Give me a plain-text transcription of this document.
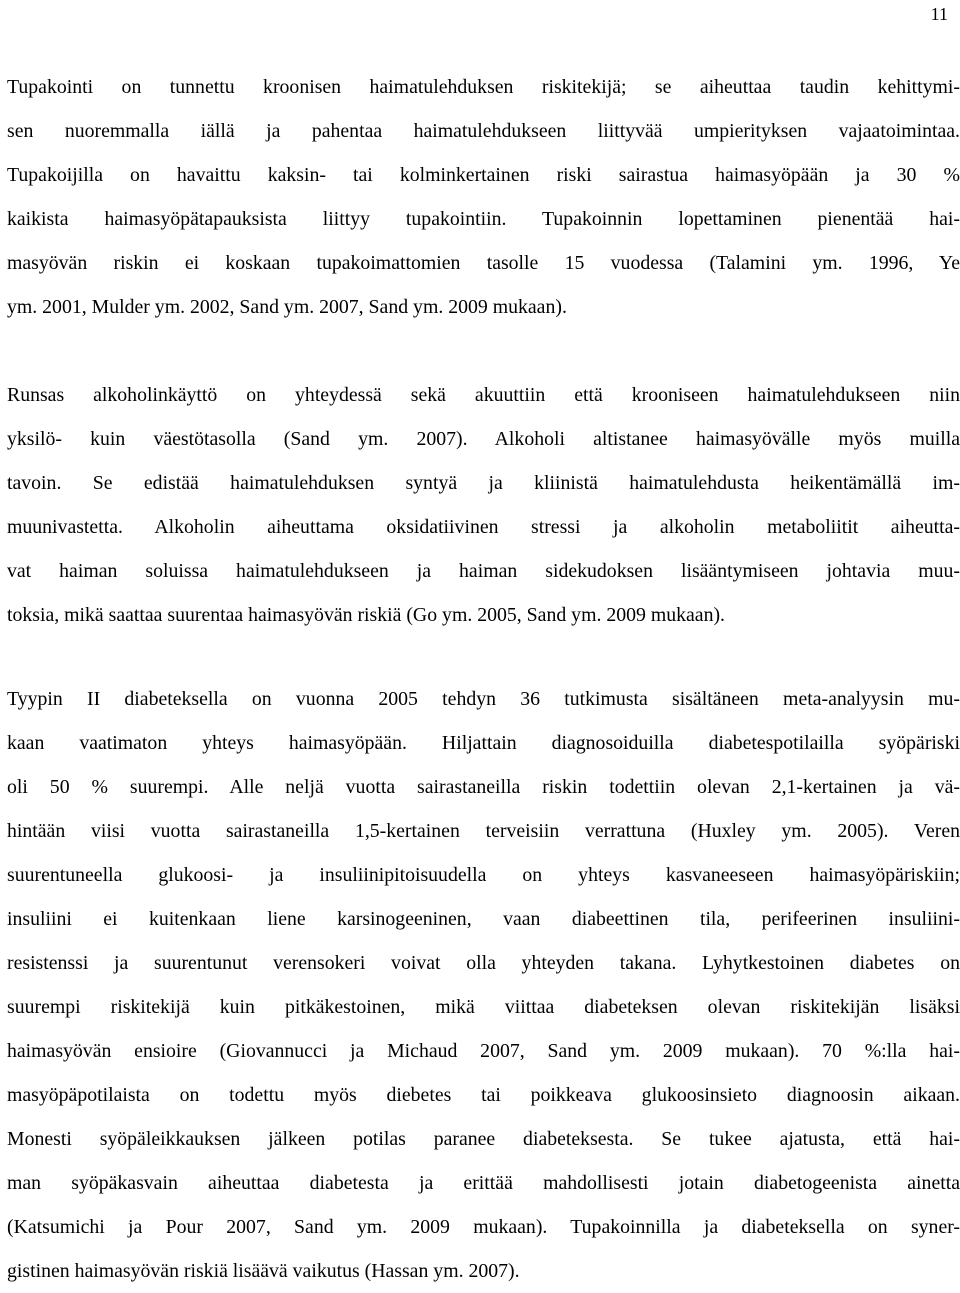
11
Tupakointi on tunnettu kroonisen haimatulehduksen riskitekijä; se aiheuttaa taudin kehittymi-
sen nuoremmalla iällä ja pahentaa haimatulehdukseen liittyvää umpierityksen vajaatoimintaa.
Tupakoijilla on havaittu kaksin- tai kolminkertainen riski sairastua haimasyöpään ja 30 %
kaikista haimasyöpätapauksista liittyy tupakointiin. Tupakoinnin lopettaminen pienentää hai-
masyövän riskin ei koskaan tupakoimattomien tasolle 15 vuodessa (Talamini ym. 1996, Ye
ym. 2001, Mulder ym. 2002, Sand ym. 2007, Sand ym. 2009 mukaan).
Runsas alkoholinkäyttö on yhteydessä sekä akuuttiin että krooniseen haimatulehdukseen niin
yksilö- kuin väestötasolla (Sand ym. 2007). Alkoholi altistanee haimasyövälle myös muilla
tavoin. Se edistää haimatulehduksen syntyä ja kliinistä haimatulehdusta heikentämällä im-
muunivastetta. Alkoholin aiheuttama oksidatiivinen stressi ja alkoholin metaboliitit aiheutta-
vat haiman soluissa haimatulehdukseen ja haiman sidekudoksen lisääntymiseen johtavia muu-
toksia, mikä saattaa suurentaa haimasyövän riskiä (Go ym. 2005, Sand ym. 2009 mukaan).
Tyypin II diabeteksella on vuonna 2005 tehdyn 36 tutkimusta sisältäneen meta-analyysin mu-
kaan vaatimaton yhteys haimasyöpään. Hiljattain diagnosoiduilla diabetespotilailla syöpäriski
oli 50 % suurempi. Alle neljä vuotta sairastaneilla riskin todettiin olevan 2,1-kertainen ja vä-
hintään viisi vuotta sairastaneilla 1,5-kertainen terveisiin verrattuna (Huxley ym. 2005). Veren
suurentuneella glukoosi- ja insuliinipitoisuudella on yhteys kasvaneeseen haimasyöpäriskiin;
insuliini ei kuitenkaan liene karsinogeeninen, vaan diabeettinen tila, perifeerinen insuliini-
resistenssi ja suurentunut verensokeri voivat olla yhteyden takana. Lyhytkestoinen diabetes on
suurempi riskitekijä kuin pitkäkestoinen, mikä viittaa diabeteksen olevan riskitekijän lisäksi
haimasyövän ensioire (Giovannucci ja Michaud 2007, Sand ym. 2009 mukaan). 70 %:lla hai-
masyöpäpotilaista on todettu myös diebetes tai poikkeava glukoosinsieto diagnoosin aikaan.
Monesti syöpäleikkauksen jälkeen potilas paranee diabeteksesta. Se tukee ajatusta, että hai-
man syöpäkasvain aiheuttaa diabetesta ja erittää mahdollisesti jotain diabetogeenista ainetta
(Katsumichi ja Pour 2007, Sand ym. 2009 mukaan). Tupakoinnilla ja diabeteksella on syner-
gistinen haimasyövän riskiä lisäävä vaikutus (Hassan ym. 2007).
